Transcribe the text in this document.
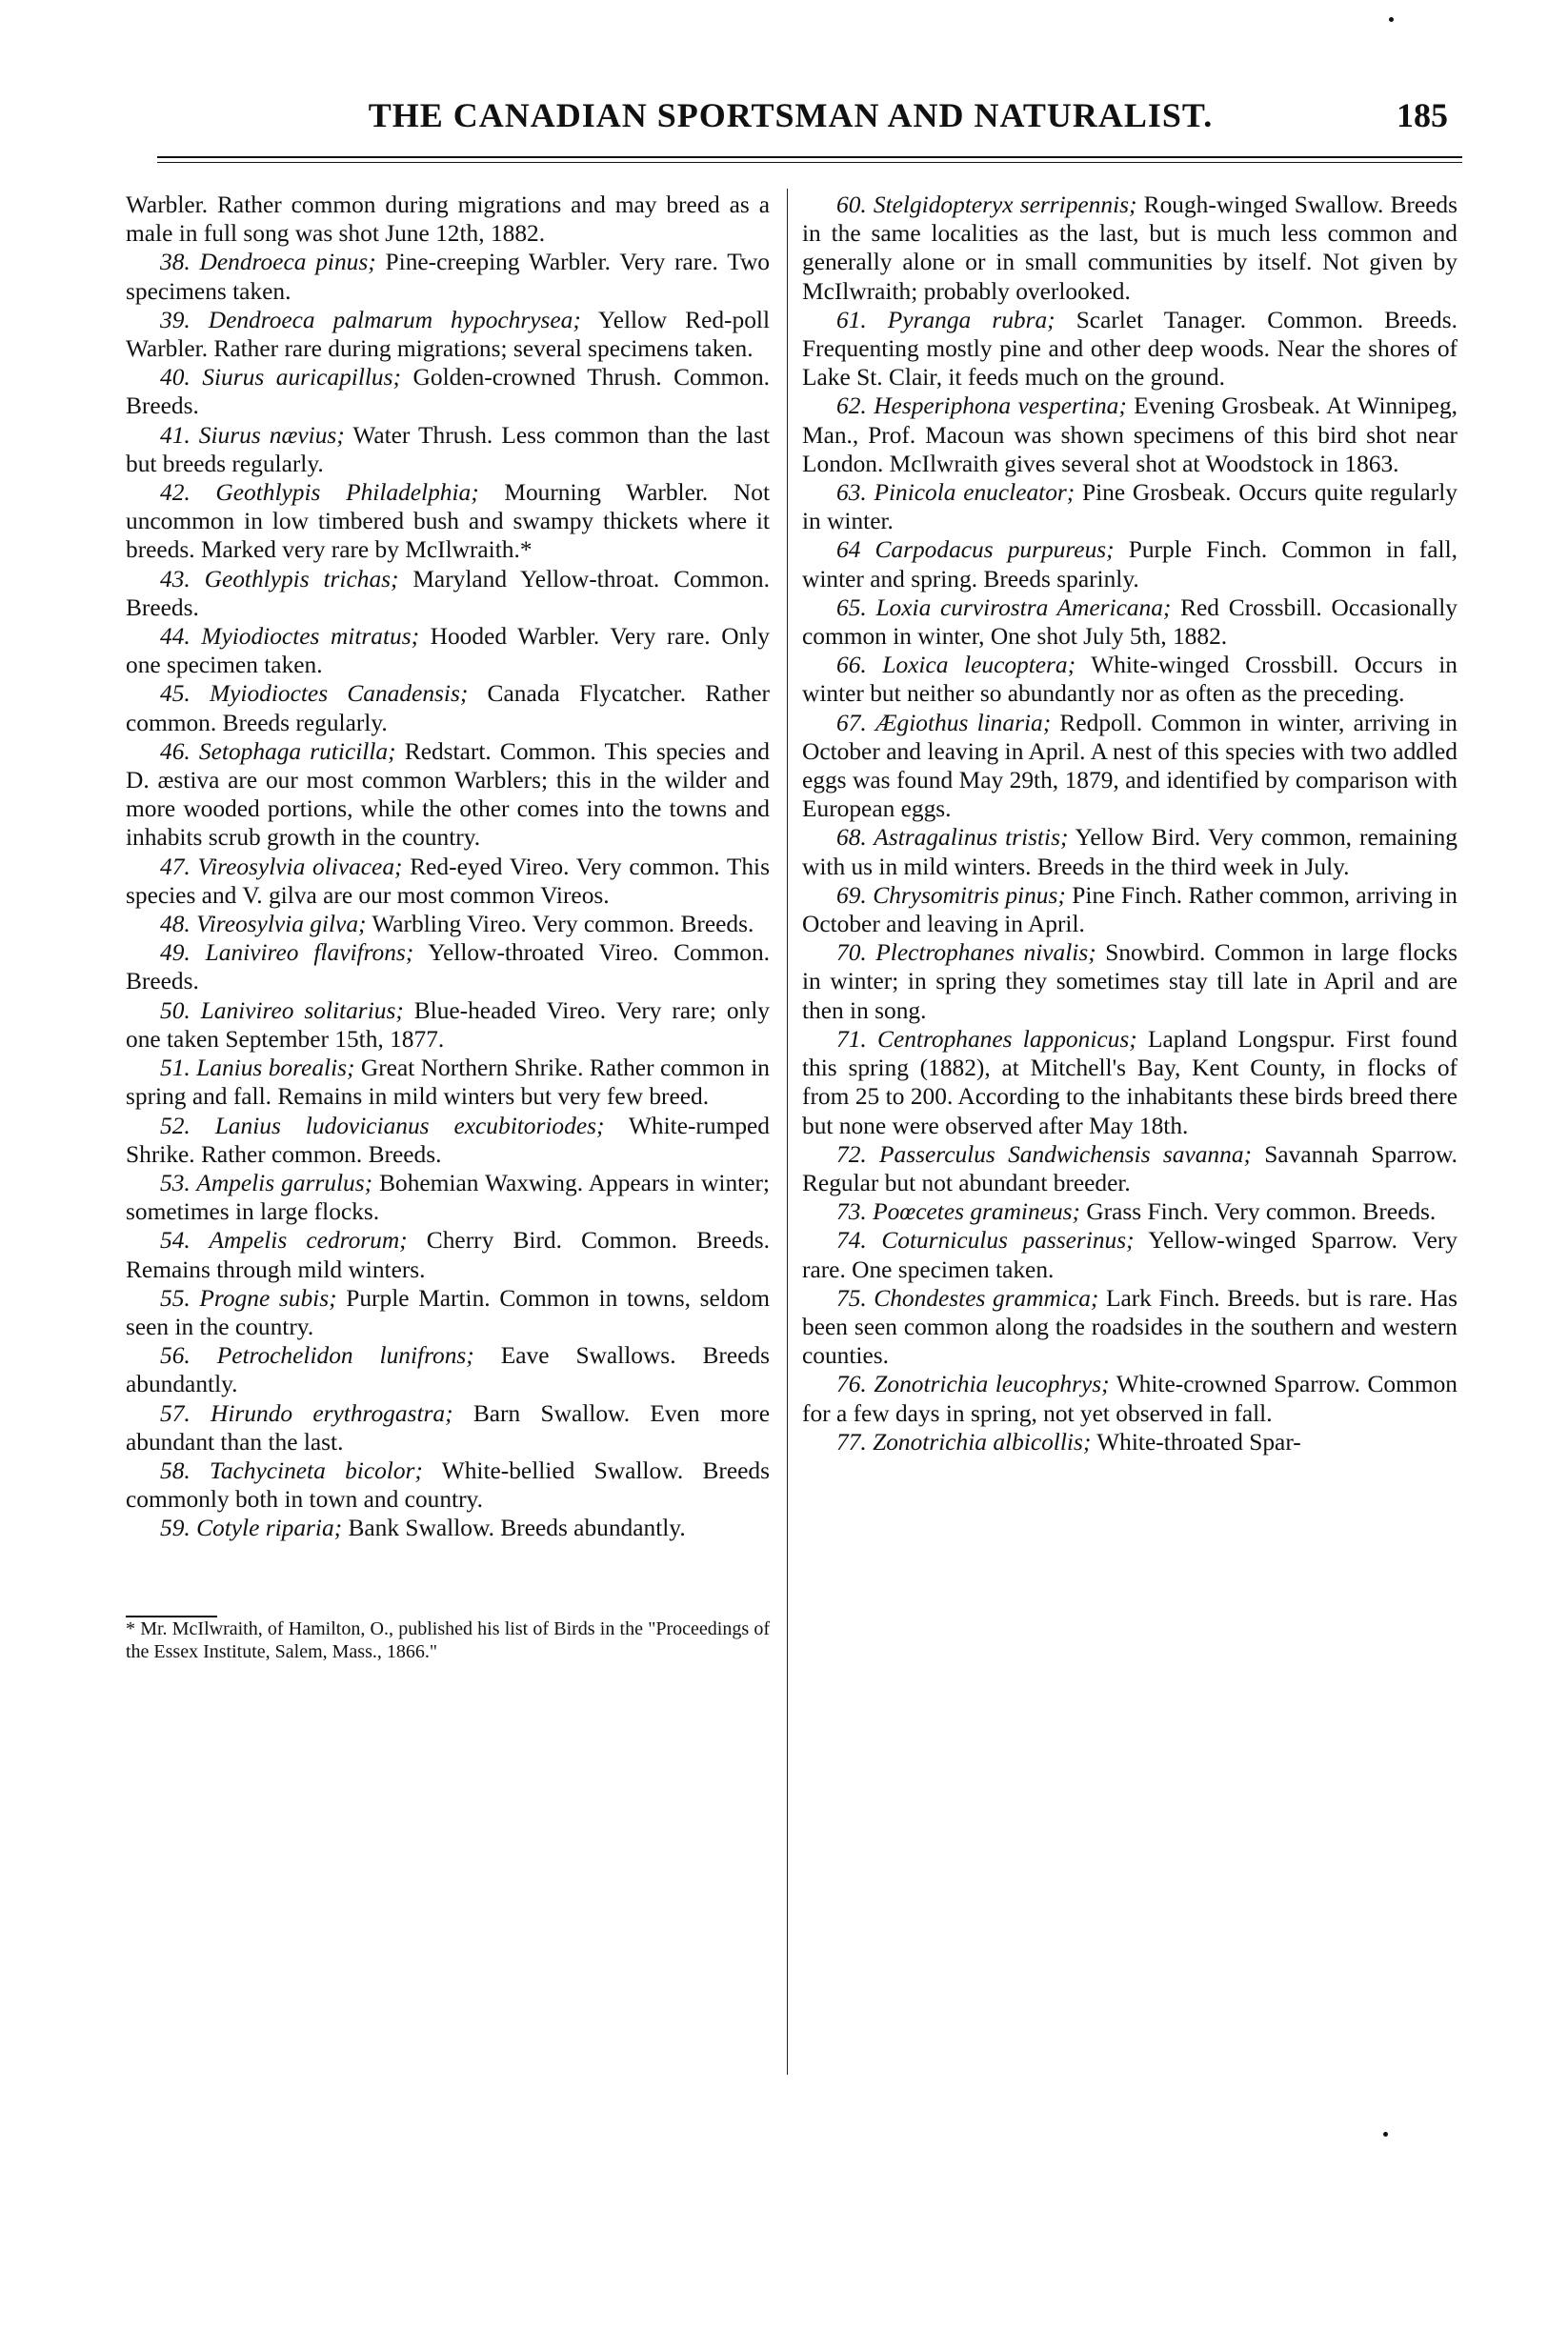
THE CANADIAN SPORTSMAN AND NATURALIST.	185

Warbler. Rather common during migrations and may breed as a male in full song was shot June 12th, 1882.

38. Dendroeca pinus; Pine-creeping Warbler. Very rare. Two specimens taken.

39. Dendroeca palmarum hypochrysea; Yellow Red-poll Warbler. Rather rare during migrations; several specimens taken.

40. Siurus auricapillus; Golden-crowned Thrush. Common. Breeds.

41. Siurus nævius; Water Thrush. Less common than the last but breeds regularly.

42. Geothlypis Philadelphia; Mourning Warbler. Not uncommon in low timbered bush and swampy thickets where it breeds. Marked very rare by McIlwraith.*

43. Geothlypis trichas; Maryland Yellow-throat. Common. Breeds.

44. Myiodioctes mitratus; Hooded Warbler. Very rare. Only one specimen taken.

45. Myiodioctes Canadensis; Canada Flycatcher. Rather common. Breeds regularly.

46. Setophaga ruticilla; Redstart. Common. This species and D. æstiva are our most common Warblers; this in the wilder and more wooded portions, while the other comes into the towns and inhabits scrub growth in the country.

47. Vireosylvia olivacea; Red-eyed Vireo. Very common. This species and V. gilva are our most common Vireos.

48. Vireosylvia gilva; Warbling Vireo. Very common. Breeds.

49. Lanivireo flavifrons; Yellow-throated Vireo. Common. Breeds.

50. Lanivireo solitarius; Blue-headed Vireo. Very rare; only one taken September 15th, 1877.

51. Lanius borealis; Great Northern Shrike. Rather common in spring and fall. Remains in mild winters but very few breed.

52. Lanius ludovicianus excubitoriodes; White-rumped Shrike. Rather common. Breeds.

53. Ampelis garrulus; Bohemian Waxwing. Appears in winter; sometimes in large flocks.

54. Ampelis cedrorum; Cherry Bird. Common. Breeds. Remains through mild winters.

55. Progne subis; Purple Martin. Common in towns, seldom seen in the country.

56. Petrochelidon lunifrons; Eave Swallows. Breeds abundantly.

57. Hirundo erythrogastra; Barn Swallow. Even more abundant than the last.

58. Tachycineta bicolor; White-bellied Swallow. Breeds commonly both in town and country.

59. Cotyle riparia; Bank Swallow. Breeds abundantly.

* Mr. McIlwraith, of Hamilton, O., published his list of Birds in the "Proceedings of the Essex Institute, Salem, Mass., 1866."

60. Stelgidopteryx serripennis; Rough-winged Swallow. Breeds in the same localities as the last, but is much less common and generally alone or in small communities by itself. Not given by McIlwraith; probably overlooked.

61. Pyranga rubra; Scarlet Tanager. Common. Breeds. Frequenting mostly pine and other deep woods. Near the shores of Lake St. Clair, it feeds much on the ground.

62. Hesperiphona vespertina; Evening Grosbeak. At Winnipeg, Man., Prof. Macoun was shown specimens of this bird shot near London. McIlwraith gives several shot at Woodstock in 1863.

63. Pinicola enucleator; Pine Grosbeak. Occurs quite regularly in winter.

64 Carpodacus purpureus; Purple Finch. Common in fall, winter and spring. Breeds sparinly.

65. Loxia curvirostra Americana; Red Crossbill. Occasionally common in winter, One shot July 5th, 1882.

66. Loxica leucoptera; White-winged Crossbill. Occurs in winter but neither so abundantly nor as often as the preceding.

67. Ægiothus linaria; Redpoll. Common in winter, arriving in October and leaving in April. A nest of this species with two addled eggs was found May 29th, 1879, and identified by comparison with European eggs.

68. Astragalinus tristis; Yellow Bird. Very common, remaining with us in mild winters. Breeds in the third week in July.

69. Chrysomitris pinus; Pine Finch. Rather common, arriving in October and leaving in April.

70. Plectrophanes nivalis; Snowbird. Common in large flocks in winter; in spring they sometimes stay till late in April and are then in song.

71. Centrophanes lapponicus; Lapland Longspur. First found this spring (1882), at Mitchell's Bay, Kent County, in flocks of from 25 to 200. According to the inhabitants these birds breed there but none were observed after May 18th.

72. Passerculus Sandwichensis savanna; Savannah Sparrow. Regular but not abundant breeder.

73. Poœcetes gramineus; Grass Finch. Very common. Breeds.

74. Coturniculus passerinus; Yellow-winged Sparrow. Very rare. One specimen taken.

75. Chondestes grammica; Lark Finch. Breeds. but is rare. Has been seen common along the roadsides in the southern and western counties.

76. Zonotrichia leucophrys; White-crowned Sparrow. Common for a few days in spring, not yet observed in fall.

77. Zonotrichia albicollis; White-throated Spar-
